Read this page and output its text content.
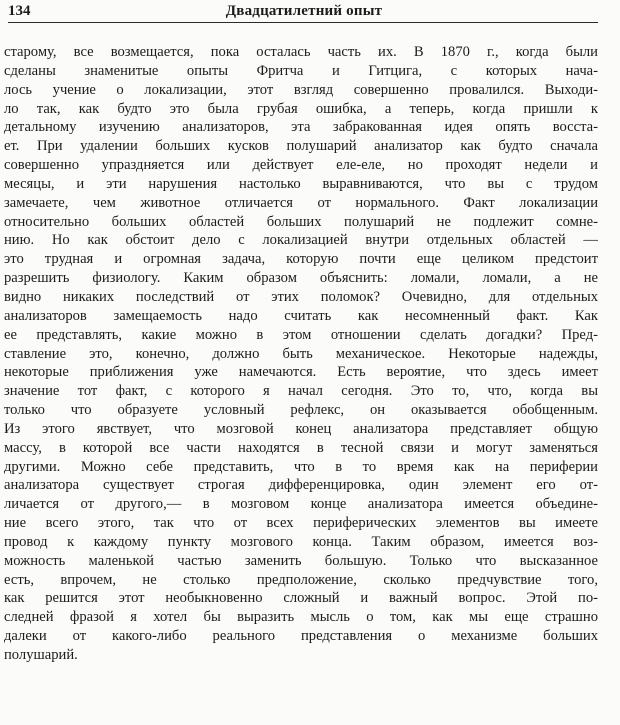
134	Двадцатилетний опыт
старому, все возмещается, пока осталась часть их. В 1870 г., когда были
сделаны знаменитые опыты Фритча и Гитцига, с которых нача-
лось учение о локализации, этот взгляд совершенно провалился. Выходи-
ло так, как будто это была грубая ошибка, а теперь, когда пришли к
детальному изучению анализаторов, эта забракованная идея опять восста-
ет. При удалении больших кусков полушарий анализатор как будто сначала
совершенно упраздняется или действует еле-еле, но проходят недели и
месяцы, и эти нарушения настолько выравниваются, что вы с трудом
замечаете, чем животное отличается от нормального. Факт локализации
относительно больших областей больших полушарий не подлежит сомне-
нию. Но как обстоит дело с локализацией внутри отдельных областей —
это трудная и огромная задача, которую почти еще целиком предстоит
разрешить физиологу. Каким образом объяснить: ломали, ломали, а не
видно никаких последствий от этих поломок? Очевидно, для отдельных
анализаторов замещаемость надо считать как несомненный факт. Как
ее представлять, какие можно в этом отношении сделать догадки? Пред-
ставление это, конечно, должно быть механическое. Некоторые надежды,
некоторые приближения уже намечаются. Есть вероятие, что здесь имеет
значение тот факт, с которого я начал сегодня. Это то, что, когда вы
только что образуете условный рефлекс, он оказывается обобщенным.
Из этого явствует, что мозговой конец анализатора представляет общую
массу, в которой все части находятся в тесной связи и могут заменяться
другими. Можно себе представить, что в то время как на периферии
анализатора существует строгая дифференцировка, один элемент его от-
личается от другого,— в мозговом конце анализатора имеется объедине-
ние всего этого, так что от всех периферических элементов вы имеете
провод к каждому пункту мозгового конца. Таким образом, имеется воз-
можность маленькой частью заменить большую. Только что высказанное
есть, впрочем, не столько предположение, сколько предчувствие того,
как решится этот необыкновенно сложный и важный вопрос. Этой по-
следней фразой я хотел бы выразить мысль о том, как мы еще страшно
далеки от какого-либо реального представления о механизме больших
полушарий.
